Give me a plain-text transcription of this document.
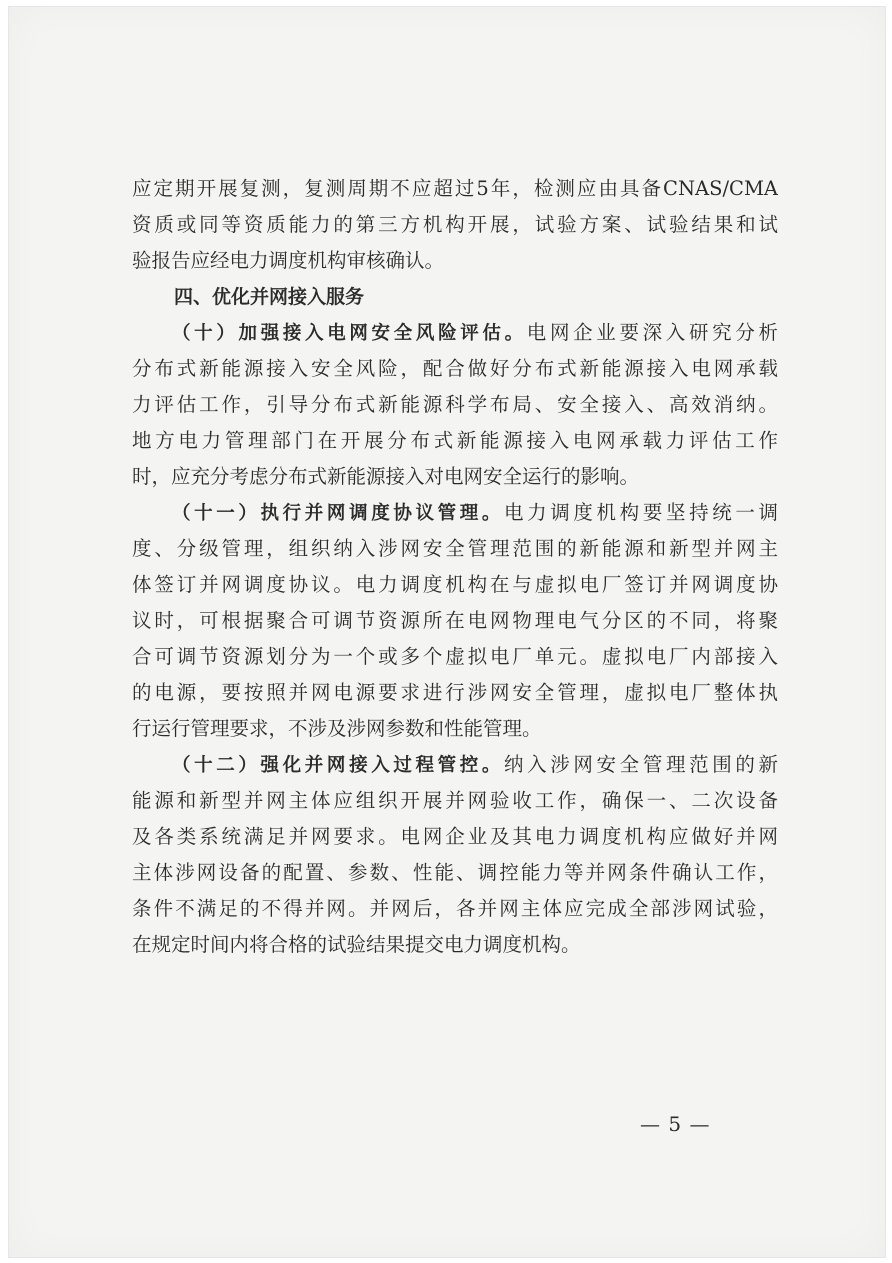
应定期开展复测，复测周期不应超过5年，检测应由具备CNAS/CMA
资质或同等资质能力的第三方机构开展，试验方案、试验结果和试
验报告应经电力调度机构审核确认。
四、优化并网接入服务
（十）加强接入电网安全风险评估。电网企业要深入研究分析
分布式新能源接入安全风险，配合做好分布式新能源接入电网承载
力评估工作，引导分布式新能源科学布局、安全接入、高效消纳。
地方电力管理部门在开展分布式新能源接入电网承载力评估工作
时，应充分考虑分布式新能源接入对电网安全运行的影响。
（十一）执行并网调度协议管理。电力调度机构要坚持统一调
度、分级管理，组织纳入涉网安全管理范围的新能源和新型并网主
体签订并网调度协议。电力调度机构在与虚拟电厂签订并网调度协
议时，可根据聚合可调节资源所在电网物理电气分区的不同，将聚
合可调节资源划分为一个或多个虚拟电厂单元。虚拟电厂内部接入
的电源，要按照并网电源要求进行涉网安全管理，虚拟电厂整体执
行运行管理要求，不涉及涉网参数和性能管理。
（十二）强化并网接入过程管控。纳入涉网安全管理范围的新
能源和新型并网主体应组织开展并网验收工作，确保一、二次设备
及各类系统满足并网要求。电网企业及其电力调度机构应做好并网
主体涉网设备的配置、参数、性能、调控能力等并网条件确认工作，
条件不满足的不得并网。并网后，各并网主体应完成全部涉网试验，
在规定时间内将合格的试验结果提交电力调度机构。
— 5 —
